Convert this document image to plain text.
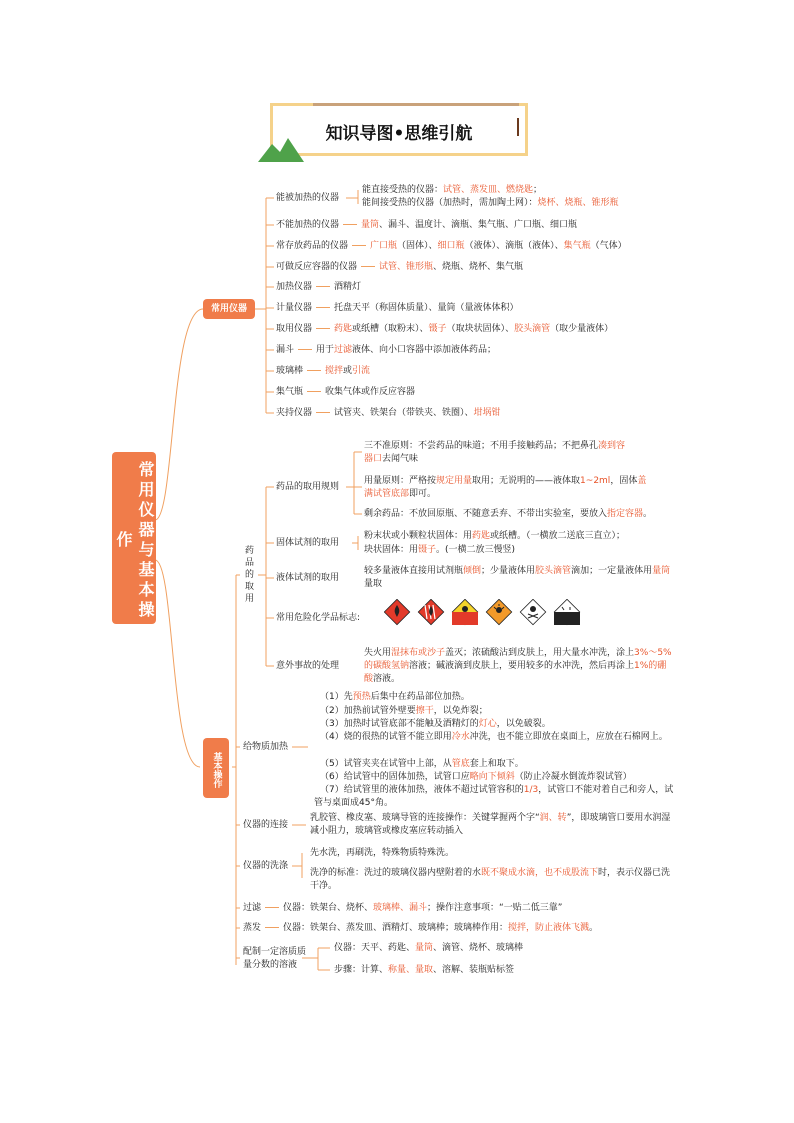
知识导图•思维引航
常用仪器与基本操作
常用仪器
能被加热的仪器
能直接受热的仪器：试管、蒸发皿、燃烧匙；
能间接受热的仪器（加热时，需加陶土网）：烧杯、烧瓶、锥形瓶
不能加热的仪器 量筒、漏斗、温度计、滴瓶、集气瓶、广口瓶、细口瓶
常存放药品的仪器 广口瓶（固体）、细口瓶（液体）、滴瓶（液体）、集气瓶（气体）
可做反应容器的仪器 试管、锥形瓶、烧瓶、烧杯、集气瓶
加热仪器 酒精灯
计量仪器 托盘天平（称固体质量）、量筒（量液体体积）
取用仪器 药匙或纸槽（取粉末）、镊子（取块状固体）、胶头滴管（取少量液体）
漏斗 用于过滤液体、向小口容器中添加液体药品；
玻璃棒 搅拌或引流
集气瓶 收集气体或作反应容器
夹持仪器 试管夹、铁架台（带铁夹、铁圈）、坩埚钳
基本操作
药品的取用
药品的取用规则
三不准原则：不尝药品的味道；不用手接触药品；不把鼻孔凑到容
器口去闻气味
用量原则：严格按规定用量取用；无说明的——液体取1~2ml，固体盖
满试管底部即可。
剩余药品：不放回原瓶、不随意丢弃、不带出实验室，要放入指定容器。
固体试剂的取用
粉末状或小颗粒状固体：用药匙或纸槽。（一横放二送底三直立）；
块状固体：用镊子。(一横二放三慢竖)
液体试剂的取用
较多量液体直接用试剂瓶倾倒；少量液体用胶头滴管滴加；一定量液体用量筒量取
常用危险化学品标志:
意外事故的处理
失火用湿抹布或沙子盖灭；浓硫酸沾到皮肤上，用大量水冲洗，涂上3%～5%的碳酸氢钠溶液；碱液滴到皮肤上，要用较多的水冲洗，然后再涂上1%的硼酸溶液。
给物质加热
（1）先预热后集中在药品部位加热。
（2）加热前试管外壁要擦干，以免炸裂；
（3）加热时试管底部不能触及酒精灯的灯心，以免破裂。
（4）烧的很热的试管不能立即用冷水冲洗，也不能立即放在桌面上，应放在石棉网上。
（5）试管夹夹在试管中上部，从管底套上和取下。
（6）给试管中的固体加热，试管口应略向下倾斜（防止冷凝水倒流炸裂试管）
（7）给试管里的液体加热，液体不超过试管容积的1/3，试管口不能对着自己和旁人，试管与桌面成45°角。
仪器的连接
乳胶管、橡皮塞、玻璃导管的连接操作：关键掌握两个字“润、转”，即玻璃管口要用水润湿减小阻力，玻璃管或橡皮塞应转动插入
仪器的洗涤
先水洗，再刷洗，特殊物质特殊洗。
洗净的标准：洗过的玻璃仪器内壁附着的水既不聚成水滴，也不成股流下时，表示仪器已洗干净。
过滤 仪器：铁架台、烧杯、玻璃棒、漏斗；操作注意事项：“一贴二低三靠”
蒸发 仪器：铁架台、蒸发皿、酒精灯、玻璃棒；玻璃棒作用：搅拌，防止液体飞溅。
配制一定溶质质
量分数的溶液
仪器：天平、药匙、量筒、滴管、烧杯、玻璃棒
步骤：计算、称量、量取、溶解、装瓶贴标签
